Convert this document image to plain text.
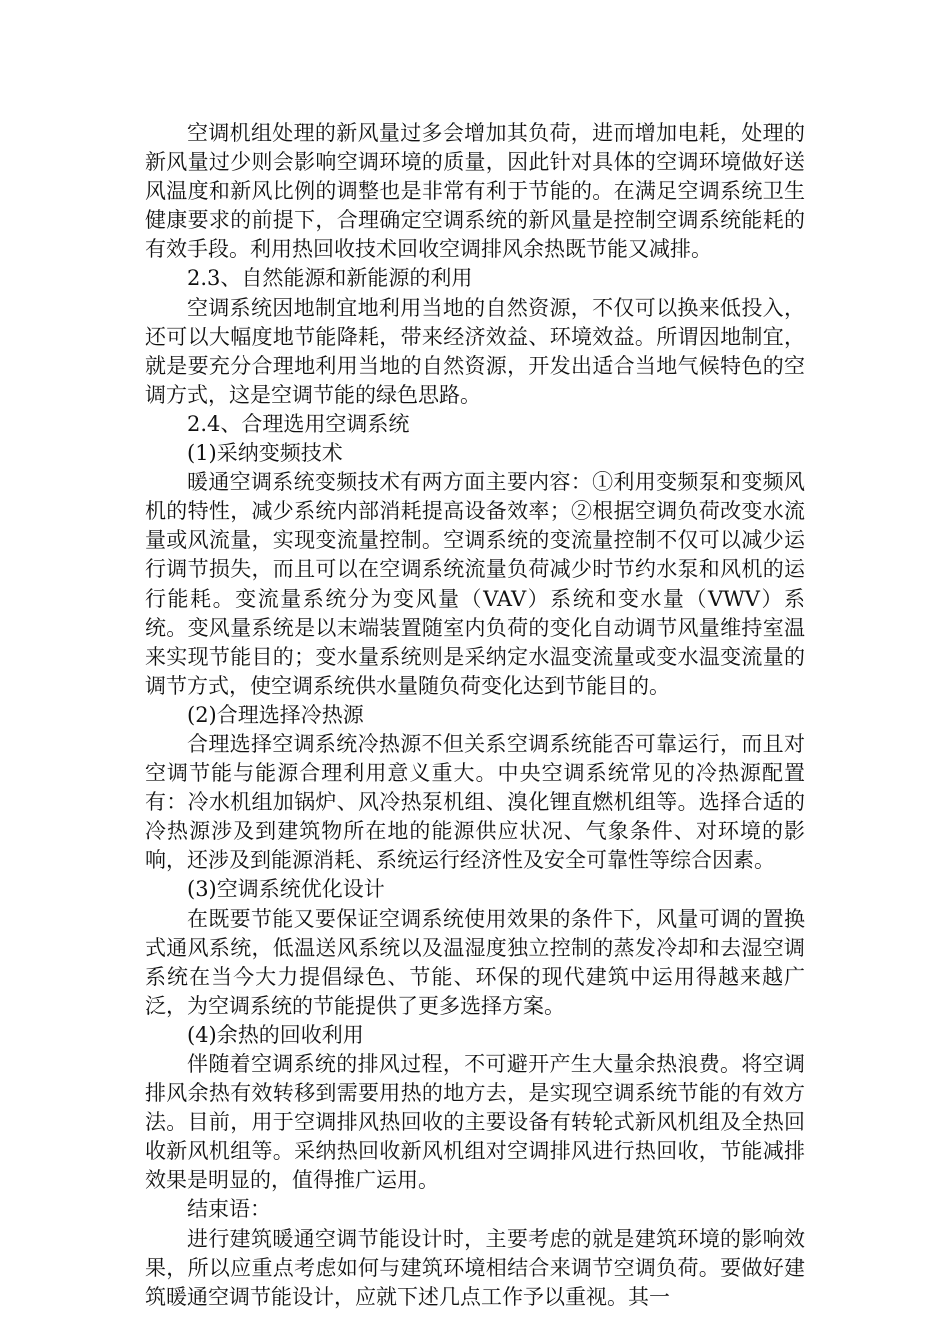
空调机组处理的新风量过多会增加其负荷，进而增加电耗，处理的新风量过少则会影响空调环境的质量，因此针对具体的空调环境做好送风温度和新风比例的调整也是非常有利于节能的。在满足空调系统卫生健康要求的前提下，合理确定空调系统的新风量是控制空调系统能耗的有效手段。利用热回收技术回收空调排风余热既节能又减排。

2.3、自然能源和新能源的利用

空调系统因地制宜地利用当地的自然资源，不仅可以换来低投入，还可以大幅度地节能降耗，带来经济效益、环境效益。所谓因地制宜，就是要充分合理地利用当地的自然资源，开发出适合当地气候特色的空调方式，这是空调节能的绿色思路。

2.4、合理选用空调系统

(1)采纳变频技术

暖通空调系统变频技术有两方面主要内容：①利用变频泵和变频风机的特性，减少系统内部消耗提高设备效率；②根据空调负荷改变水流量或风流量，实现变流量控制。空调系统的变流量控制不仅可以减少运行调节损失，而且可以在空调系统流量负荷减少时节约水泵和风机的运行能耗。变流量系统分为变风量（VAV）系统和变水量（VWV）系统。变风量系统是以末端装置随室内负荷的变化自动调节风量维持室温来实现节能目的；变水量系统则是采纳定水温变流量或变水温变流量的调节方式，使空调系统供水量随负荷变化达到节能目的。

(2)合理选择冷热源

合理选择空调系统冷热源不但关系空调系统能否可靠运行，而且对空调节能与能源合理利用意义重大。中央空调系统常见的冷热源配置有：冷水机组加锅炉、风冷热泵机组、溴化锂直燃机组等。选择合适的冷热源涉及到建筑物所在地的能源供应状况、气象条件、对环境的影响，还涉及到能源消耗、系统运行经济性及安全可靠性等综合因素。

(3)空调系统优化设计

在既要节能又要保证空调系统使用效果的条件下，风量可调的置换式通风系统，低温送风系统以及温湿度独立控制的蒸发冷却和去湿空调系统在当今大力提倡绿色、节能、环保的现代建筑中运用得越来越广泛，为空调系统的节能提供了更多选择方案。

(4)余热的回收利用

伴随着空调系统的排风过程，不可避开产生大量余热浪费。将空调排风余热有效转移到需要用热的地方去，是实现空调系统节能的有效方法。目前，用于空调排风热回收的主要设备有转轮式新风机组及全热回收新风机组等。采纳热回收新风机组对空调排风进行热回收，节能减排效果是明显的，值得推广运用。

结束语：

进行建筑暖通空调节能设计时，主要考虑的就是建筑环境的影响效果，所以应重点考虑如何与建筑环境相结合来调节空调负荷。要做好建筑暖通空调节能设计，应就下述几点工作予以重视。其一
